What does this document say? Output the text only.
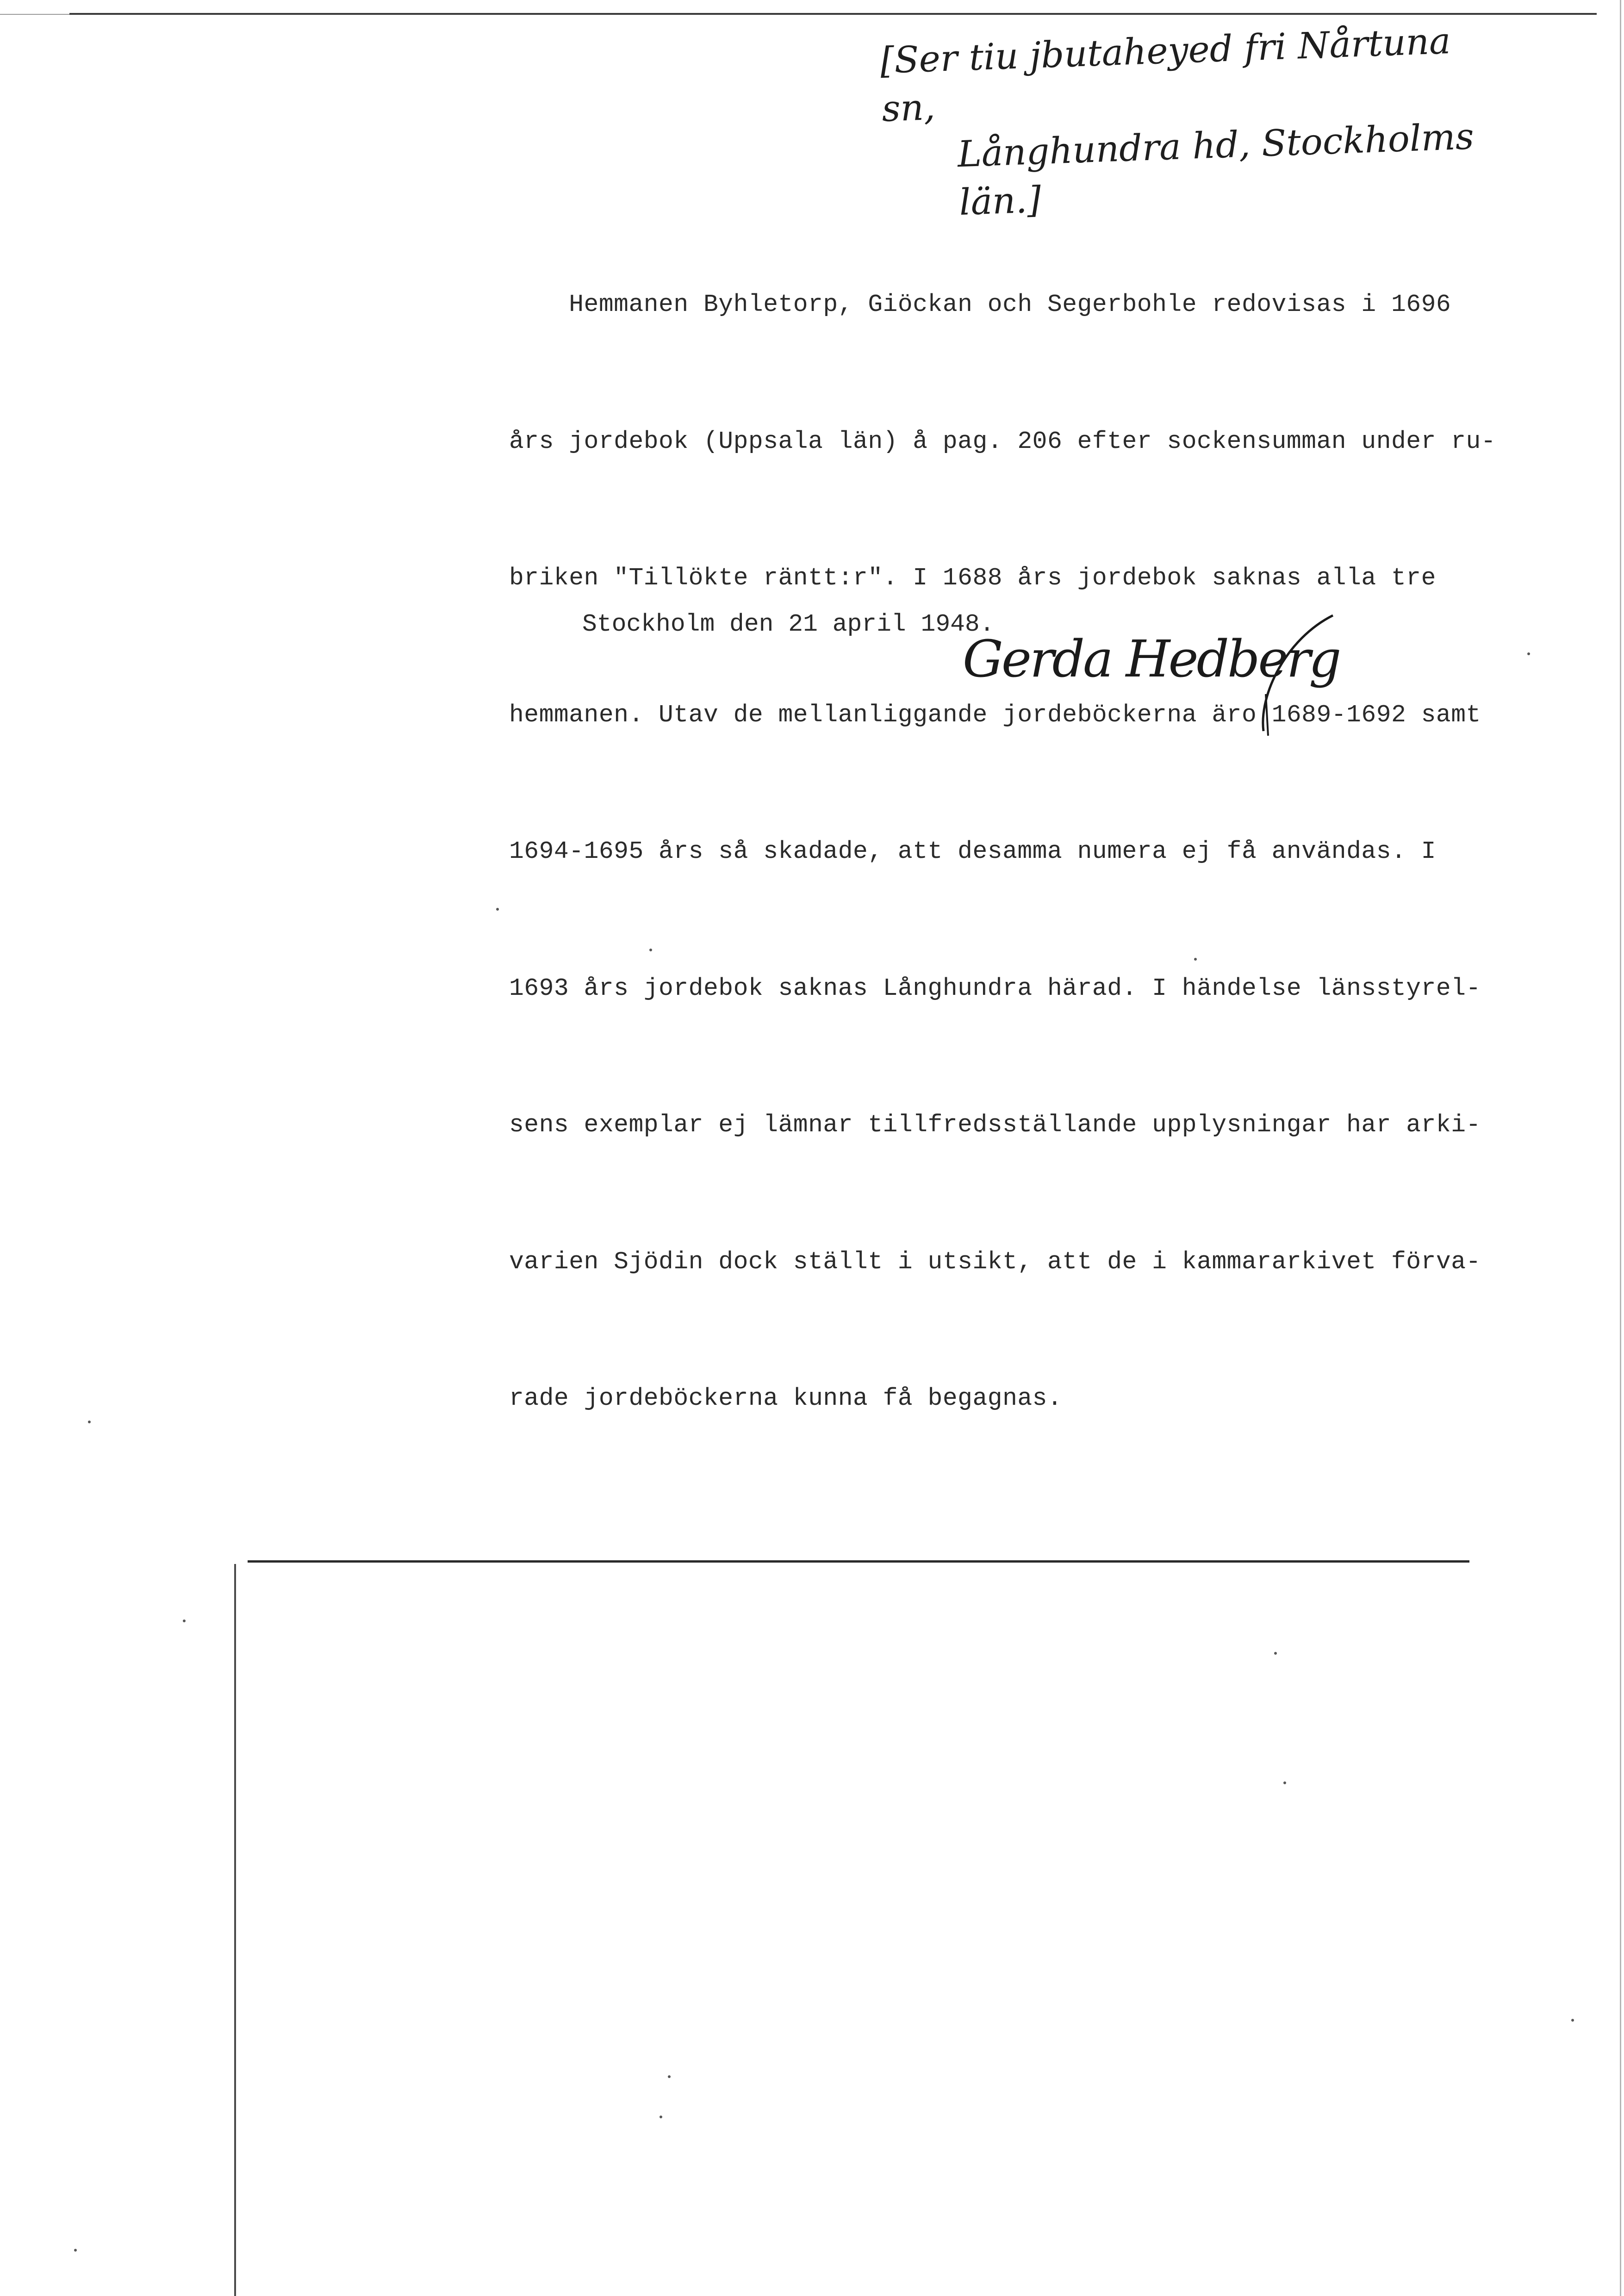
[Ser tiu jbutaheyed fri Nårtuna sn,
Långhundra hd, Stockholms län.]

Hemmanen Byhletorp, Giöckan och Segerbohle redovisas i 1696

års jordebok (Uppsala län) å pag. 206 efter sockensumman under ru-

briken "Tillökte räntt:r". I 1688 års jordebok saknas alla tre

hemmanen. Utav de mellanliggande jordeböckerna äro 1689-1692 samt

1694-1695 års så skadade, att desamma numera ej få användas. I

1693 års jordebok saknas Långhundra härad. I händelse länsstyrel-

sens exemplar ej lämnar tillfredsställande upplysningar har arki-

varien Sjödin dock ställt i utsikt, att de i kammararkivet förva-

rade jordeböckerna kunna få begagnas.

Stockholm den 21 april 1948.
Gerda Hedberg
